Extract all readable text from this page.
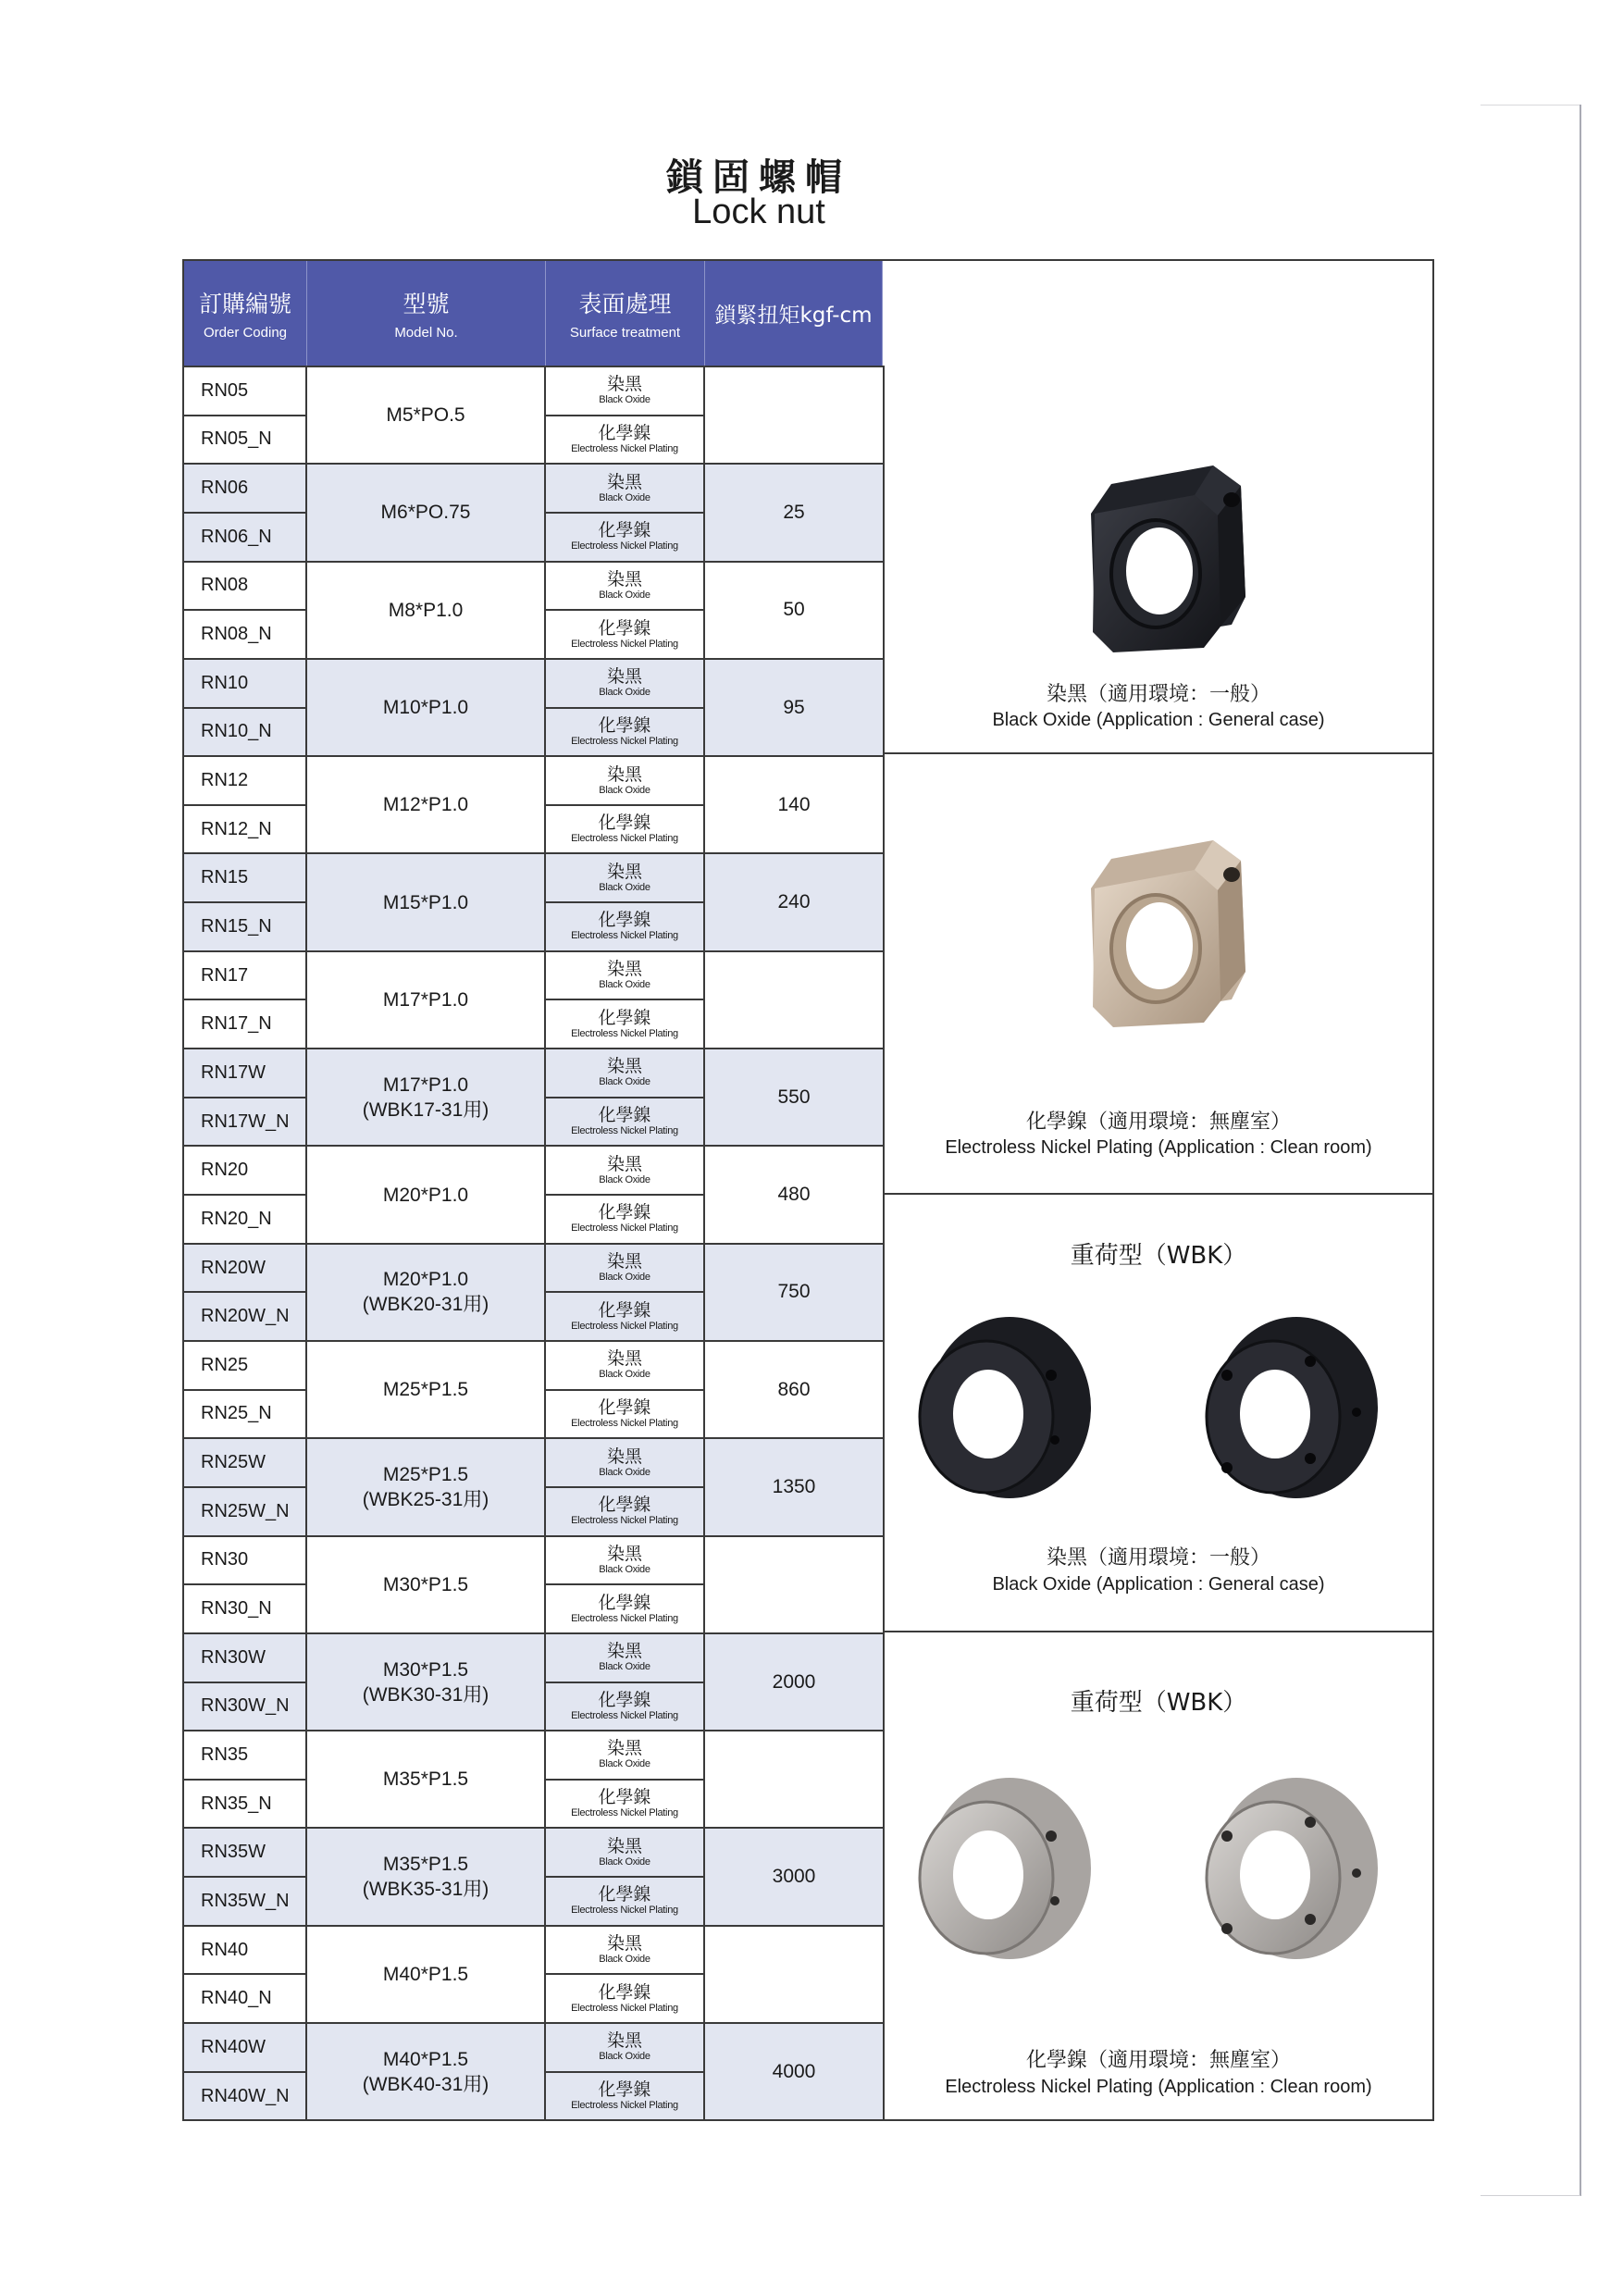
鎖固螺帽
Lock nut
訂購編號
Order Coding
型號
Model No.
表面處理
Surface treatment
鎖緊扭矩kgf-cm
RN05
RN05_N
M5*PO.5
染黑
Black Oxide
化學鎳
Electroless Nickel Plating
RN06
RN06_N
M6*PO.75
染黑
Black Oxide
化學鎳
Electroless Nickel Plating
25
RN08
RN08_N
M8*P1.0
染黑
Black Oxide
化學鎳
Electroless Nickel Plating
50
RN10
RN10_N
M10*P1.0
染黑
Black Oxide
化學鎳
Electroless Nickel Plating
95
RN12
RN12_N
M12*P1.0
染黑
Black Oxide
化學鎳
Electroless Nickel Plating
140
RN15
RN15_N
M15*P1.0
染黑
Black Oxide
化學鎳
Electroless Nickel Plating
240
RN17
RN17_N
M17*P1.0
染黑
Black Oxide
化學鎳
Electroless Nickel Plating
RN17W
RN17W_N
M17*P1.0
(WBK17-31用)
染黑
Black Oxide
化學鎳
Electroless Nickel Plating
550
RN20
RN20_N
M20*P1.0
染黑
Black Oxide
化學鎳
Electroless Nickel Plating
480
RN20W
RN20W_N
M20*P1.0
(WBK20-31用)
染黑
Black Oxide
化學鎳
Electroless Nickel Plating
750
RN25
RN25_N
M25*P1.5
染黑
Black Oxide
化學鎳
Electroless Nickel Plating
860
RN25W
RN25W_N
M25*P1.5
(WBK25-31用)
染黑
Black Oxide
化學鎳
Electroless Nickel Plating
1350
RN30
RN30_N
M30*P1.5
染黑
Black Oxide
化學鎳
Electroless Nickel Plating
RN30W
RN30W_N
M30*P1.5
(WBK30-31用)
染黑
Black Oxide
化學鎳
Electroless Nickel Plating
2000
RN35
RN35_N
M35*P1.5
染黑
Black Oxide
化學鎳
Electroless Nickel Plating
RN35W
RN35W_N
M35*P1.5
(WBK35-31用)
染黑
Black Oxide
化學鎳
Electroless Nickel Plating
3000
RN40
RN40_N
M40*P1.5
染黑
Black Oxide
化學鎳
Electroless Nickel Plating
RN40W
RN40W_N
M40*P1.5
(WBK40-31用)
染黑
Black Oxide
化學鎳
Electroless Nickel Plating
4000
染黑（適用環境：一般）
Black Oxide (Application : General case)
化學鎳（適用環境：無塵室）
Electroless Nickel Plating (Application : Clean room)
重荷型（WBK）
染黑（適用環境：一般）
Black Oxide (Application : General case)
重荷型（WBK）
化學鎳（適用環境：無塵室）
Electroless Nickel Plating (Application : Clean room)
